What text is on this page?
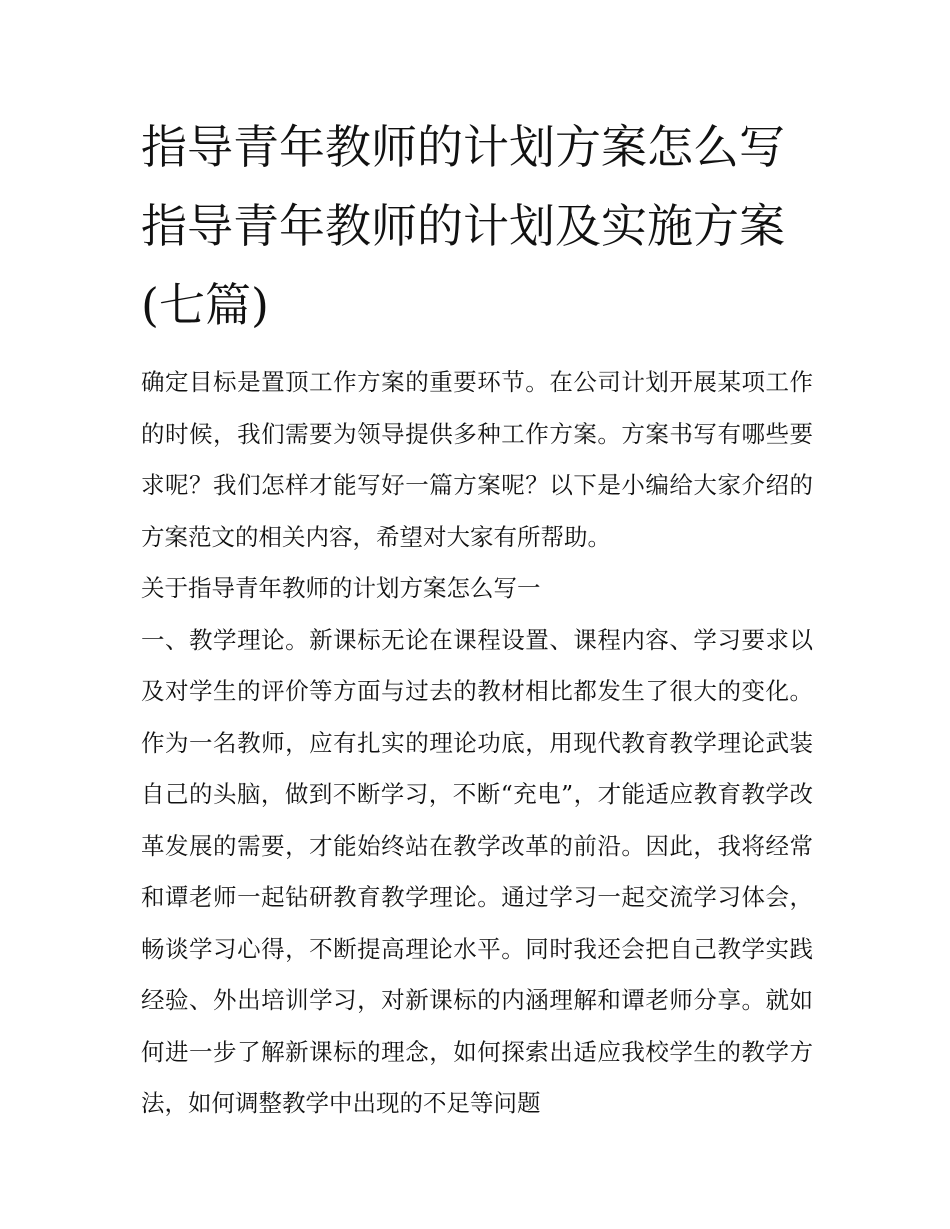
指导青年教师的计划方案怎么写 指导青年教师的计划及实施方案(七篇)

确定目标是置顶工作方案的重要环节。在公司计划开展某项工作的时候，我们需要为领导提供多种工作方案。方案书写有哪些要求呢？我们怎样才能写好一篇方案呢？以下是小编给大家介绍的方案范文的相关内容，希望对大家有所帮助。

关于指导青年教师的计划方案怎么写一

一、教学理论。新课标无论在课程设置、课程内容、学习要求以及对学生的评价等方面与过去的教材相比都发生了很大的变化。作为一名教师，应有扎实的理论功底，用现代教育教学理论武装自己的头脑，做到不断学习，不断“充电”，才能适应教育教学改革发展的需要，才能始终站在教学改革的前沿。因此，我将经常和谭老师一起钻研教育教学理论。通过学习一起交流学习体会，畅谈学习心得，不断提高理论水平。同时我还会把自己教学实践经验、外出培训学习，对新课标的内涵理解和谭老师分享。就如何进一步了解新课标的理念，如何探索出适应我校学生的教学方法，如何调整教学中出现的不足等问题
